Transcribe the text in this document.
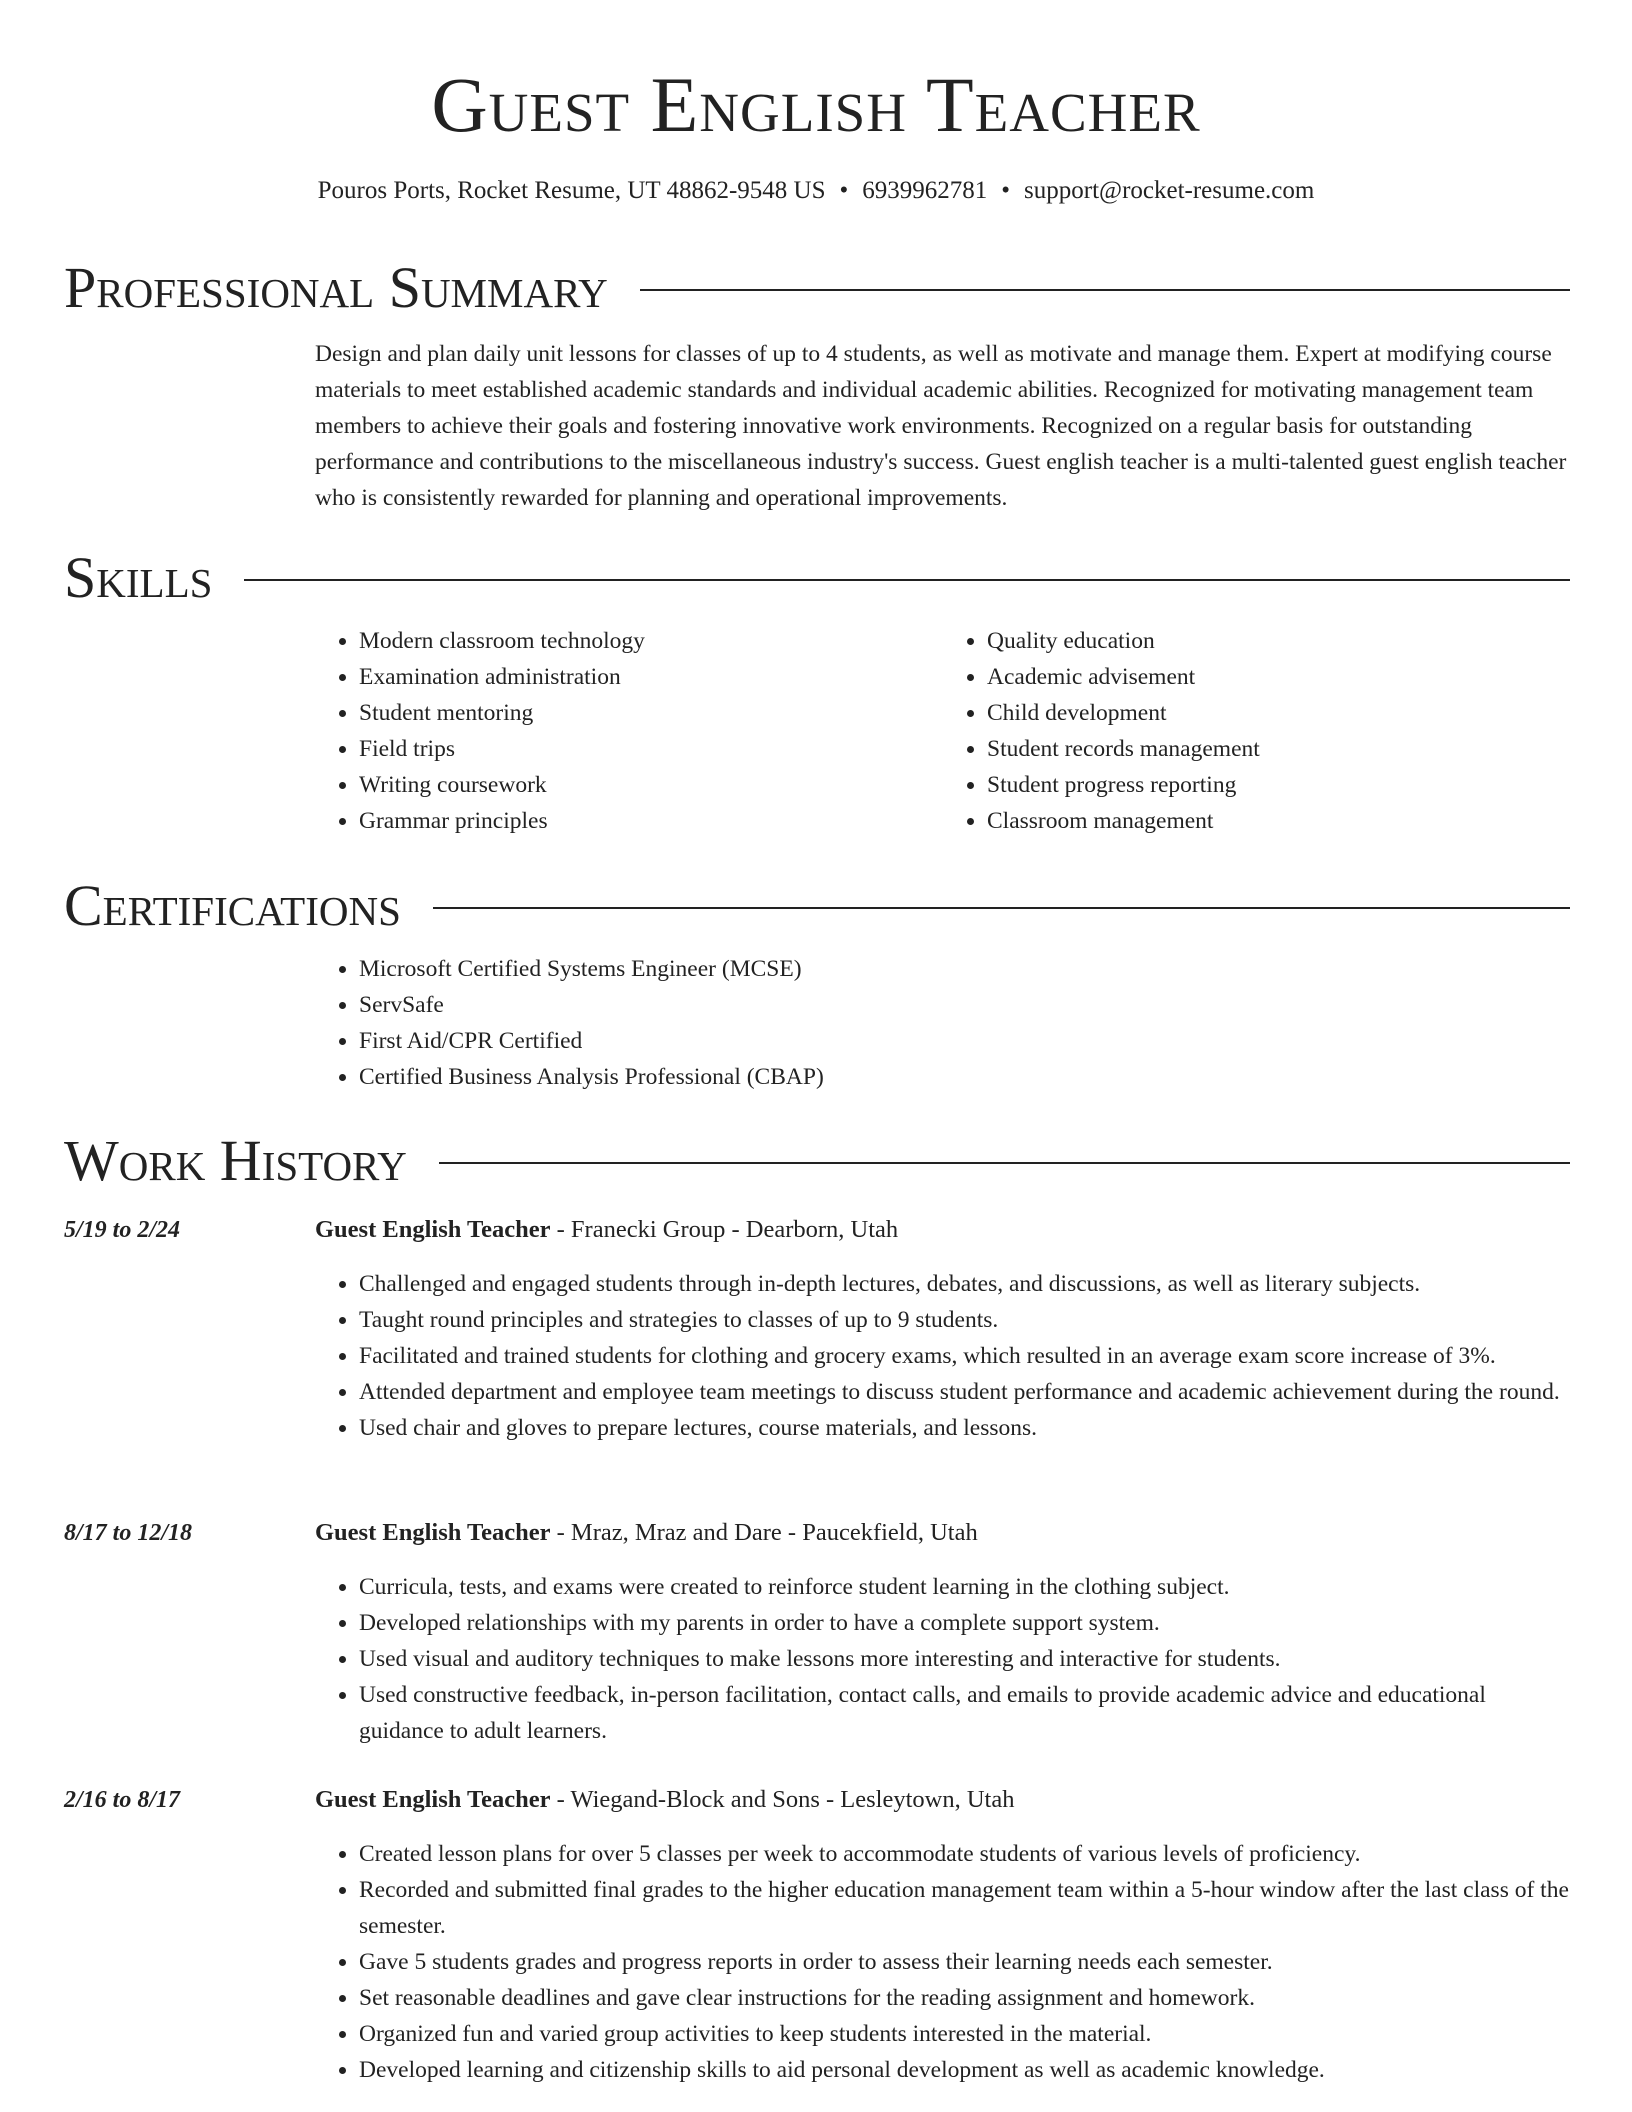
Guest English Teacher
Pouros Ports, Rocket Resume, UT 48862-9548 US • 6939962781 • support@rocket-resume.com
Professional Summary
Design and plan daily unit lessons for classes of up to 4 students, as well as motivate and manage them. Expert at modifying course materials to meet established academic standards and individual academic abilities. Recognized for motivating management team members to achieve their goals and fostering innovative work environments. Recognized on a regular basis for outstanding performance and contributions to the miscellaneous industry's success. Guest english teacher is a multi-talented guest english teacher who is consistently rewarded for planning and operational improvements.
Skills
• Modern classroom technology
• Examination administration
• Student mentoring
• Field trips
• Writing coursework
• Grammar principles
• Quality education
• Academic advisement
• Child development
• Student records management
• Student progress reporting
• Classroom management
Certifications
• Microsoft Certified Systems Engineer (MCSE)
• ServSafe
• First Aid/CPR Certified
• Certified Business Analysis Professional (CBAP)
Work History
5/19 to 2/24	Guest English Teacher - Franecki Group - Dearborn, Utah
• Challenged and engaged students through in-depth lectures, debates, and discussions, as well as literary subjects.
• Taught round principles and strategies to classes of up to 9 students.
• Facilitated and trained students for clothing and grocery exams, which resulted in an average exam score increase of 3%.
• Attended department and employee team meetings to discuss student performance and academic achievement during the round.
• Used chair and gloves to prepare lectures, course materials, and lessons.
8/17 to 12/18	Guest English Teacher - Mraz, Mraz and Dare - Paucekfield, Utah
• Curricula, tests, and exams were created to reinforce student learning in the clothing subject.
• Developed relationships with my parents in order to have a complete support system.
• Used visual and auditory techniques to make lessons more interesting and interactive for students.
• Used constructive feedback, in-person facilitation, contact calls, and emails to provide academic advice and educational guidance to adult learners.
2/16 to 8/17	Guest English Teacher - Wiegand-Block and Sons - Lesleytown, Utah
• Created lesson plans for over 5 classes per week to accommodate students of various levels of proficiency.
• Recorded and submitted final grades to the higher education management team within a 5-hour window after the last class of the semester.
• Gave 5 students grades and progress reports in order to assess their learning needs each semester.
• Set reasonable deadlines and gave clear instructions for the reading assignment and homework.
• Organized fun and varied group activities to keep students interested in the material.
• Developed learning and citizenship skills to aid personal development as well as academic knowledge.
